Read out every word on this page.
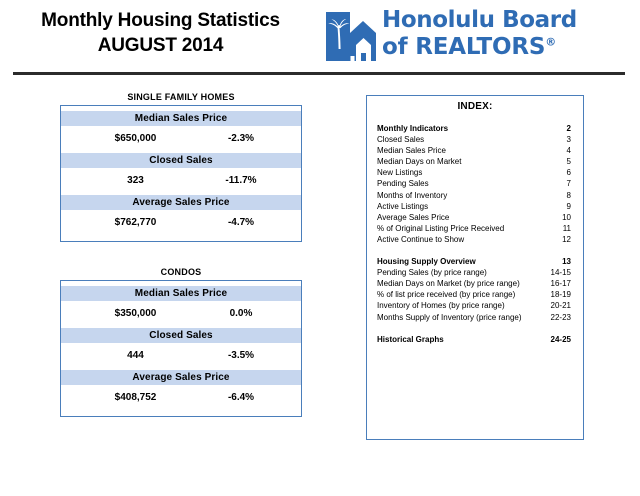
Monthly Housing Statistics
AUGUST 2014
Honolulu Board
of REALTORS®
SINGLE FAMILY HOMES
Median Sales Price
$650,000	-2.3%
Closed Sales
323	-11.7%
Average Sales Price
$762,770	-4.7%
CONDOS
Median Sales Price
$350,000	0.0%
Closed Sales
444	-3.5%
Average Sales Price
$408,752	-6.4%
INDEX:
Monthly Indicators	2
Closed Sales	3
Median Sales Price	4
Median Days on Market	5
New Listings	6
Pending Sales	7
Months of Inventory	8
Active Listings	9
Average Sales Price	10
% of Original Listing Price Received	11
Active Continue to Show	12
Housing Supply Overview	13
Pending Sales (by price range)	14-15
Median Days on Market (by price range)	16-17
% of list price received (by price range)	18-19
Inventory of Homes (by price range)	20-21
Months Supply of Inventory (price range)	22-23
Historical Graphs	24-25
